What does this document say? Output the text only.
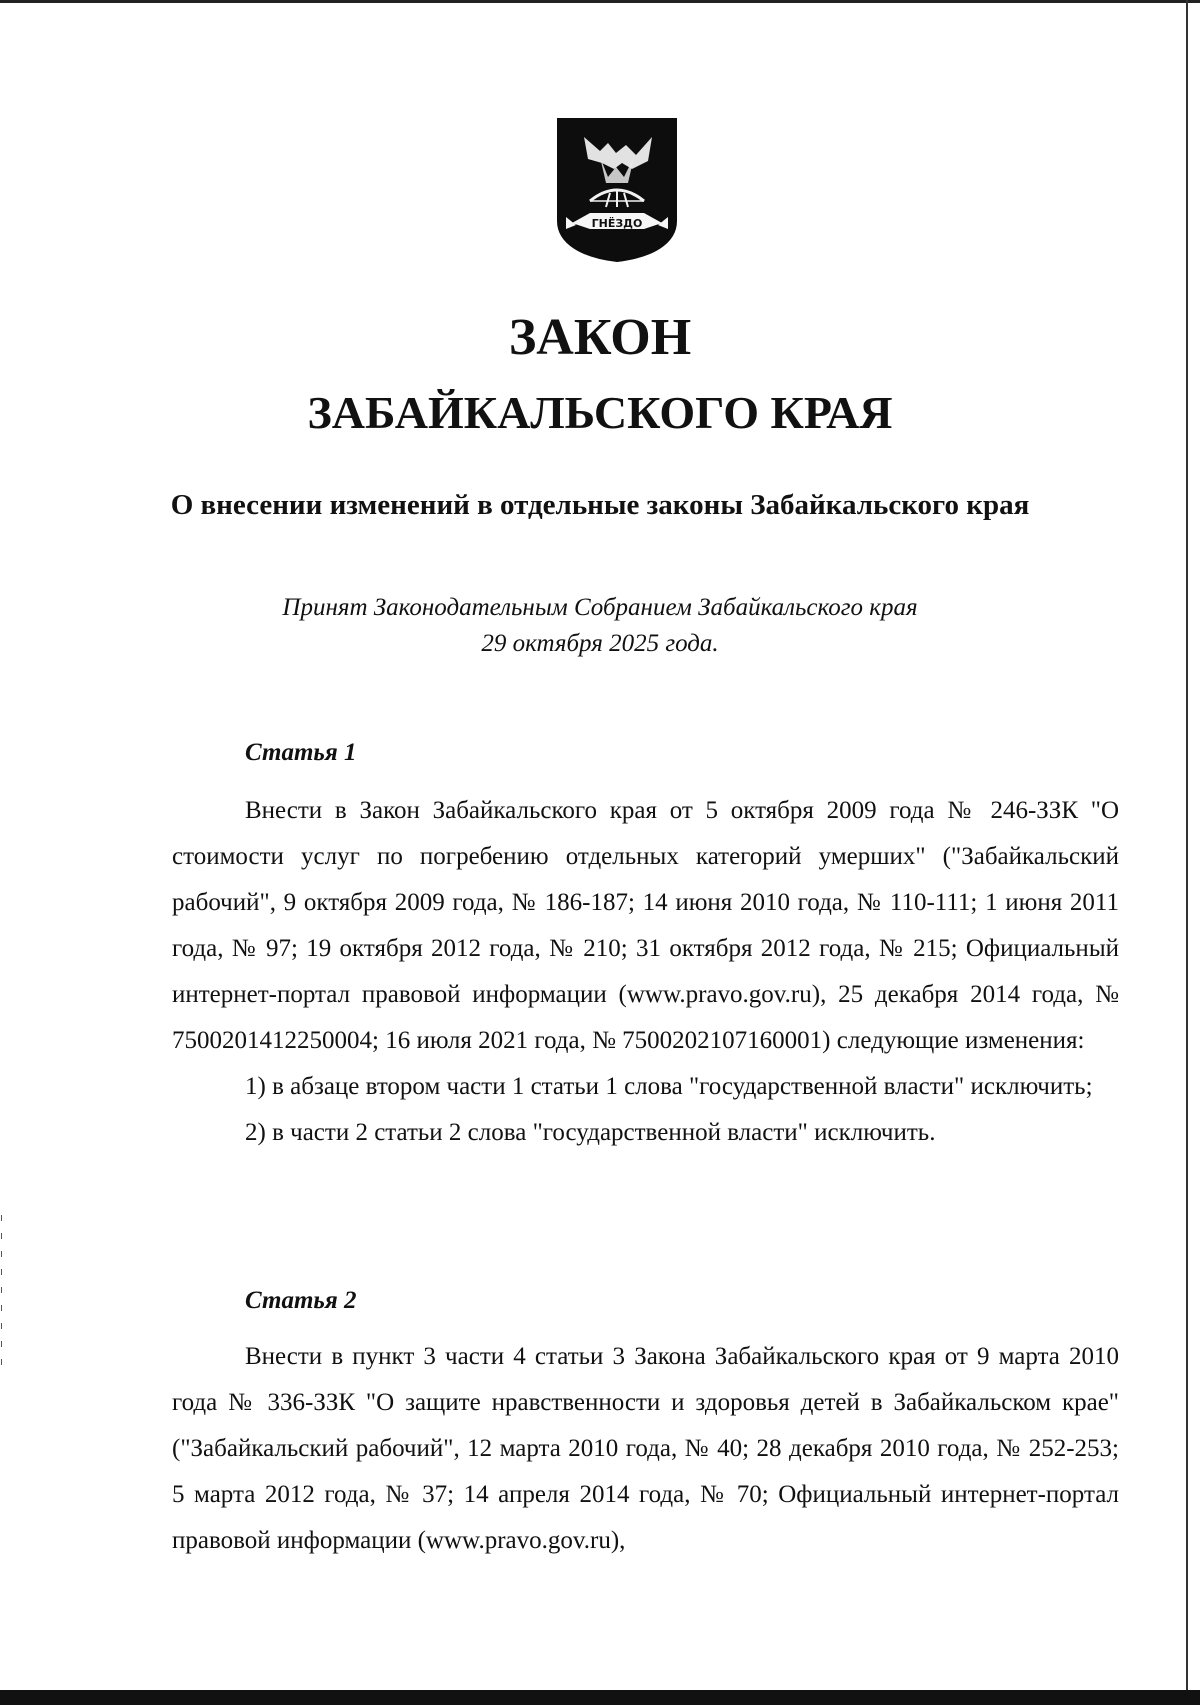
ГНЁЗДО
ЗАКОН
ЗАБАЙКАЛЬСКОГО КРАЯ
О внесении изменений в отдельные законы Забайкальского края
Принят Законодательным Собранием Забайкальского края
29 октября 2025 года.
Статья 1

Внести в Закон Забайкальского края от 5 октября 2009 года № 246-ЗЗК "О стоимости услуг по погребению отдельных категорий умерших" ("Забайкальский рабочий", 9 октября 2009 года, № 186-187; 14 июня 2010 года, № 110-111; 1 июня 2011 года, № 97; 19 октября 2012 года, № 210; 31 октября 2012 года, № 215; Официальный интернет-портал правовой информации (www.pravo.gov.ru), 25 декабря 2014 года, № 7500201412250004; 16 июля 2021 года, № 7500202107160001) следующие изменения:

1) в абзаце втором части 1 статьи 1 слова "государственной власти" исключить;

2) в части 2 статьи 2 слова "государственной власти" исключить.

Статья 2

Внести в пункт 3 части 4 статьи 3 Закона Забайкальского края от 9 марта 2010 года № 336-ЗЗК "О защите нравственности и здоровья детей в Забайкальском крае" ("Забайкальский рабочий", 12 марта 2010 года, № 40; 28 декабря 2010 года, № 252-253; 5 марта 2012 года, № 37; 14 апреля 2014 года, № 70; Официальный интернет-портал правовой информации (www.pravo.gov.ru),
